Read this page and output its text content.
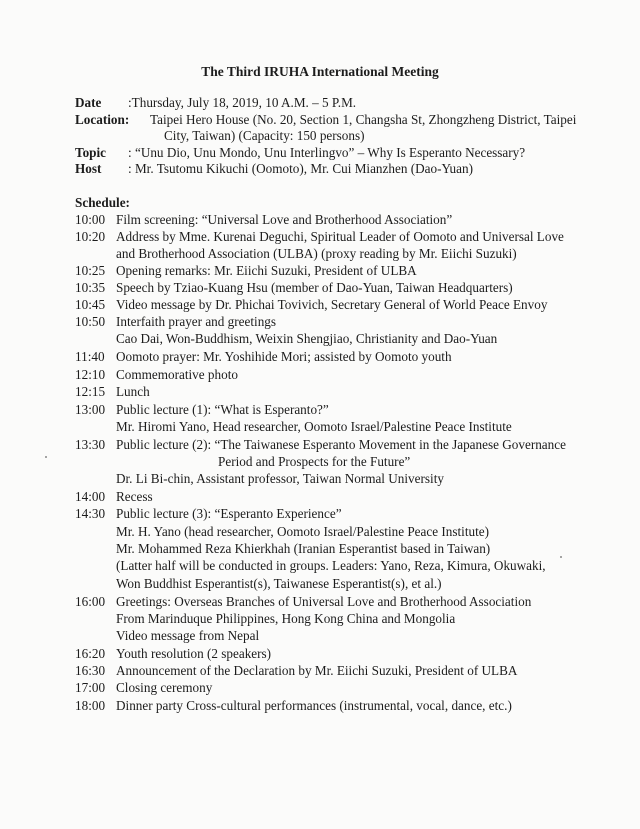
The Third IRUHA International Meeting
Date :Thursday, July 18, 2019, 10 A.M. – 5 P.M.
Location: Taipei Hero House (No. 20, Section 1, Changsha St, Zhongzheng District, Taipei
City, Taiwan) (Capacity: 150 persons)
Topic : “Unu Dio, Unu Mondo, Unu Interlingvo” – Why Is Esperanto Necessary?
Host : Mr. Tsutomu Kikuchi (Oomoto), Mr. Cui Mianzhen (Dao-Yuan)
Schedule:
10:00 Film screening: “Universal Love and Brotherhood Association”
10:20 Address by Mme. Kurenai Deguchi, Spiritual Leader of Oomoto and Universal Love
and Brotherhood Association (ULBA) (proxy reading by Mr. Eiichi Suzuki)
10:25 Opening remarks: Mr. Eiichi Suzuki, President of ULBA
10:35 Speech by Tziao-Kuang Hsu (member of Dao-Yuan, Taiwan Headquarters)
10:45 Video message by Dr. Phichai Tovivich, Secretary General of World Peace Envoy
10:50 Interfaith prayer and greetings
Cao Dai, Won-Buddhism, Weixin Shengjiao, Christianity and Dao-Yuan
11:40 Oomoto prayer: Mr. Yoshihide Mori; assisted by Oomoto youth
12:10 Commemorative photo
12:15 Lunch
13:00 Public lecture (1): “What is Esperanto?”
Mr. Hiromi Yano, Head researcher, Oomoto Israel/Palestine Peace Institute
13:30 Public lecture (2): “The Taiwanese Esperanto Movement in the Japanese Governance
Period and Prospects for the Future”
Dr. Li Bi-chin, Assistant professor, Taiwan Normal University
14:00 Recess
14:30 Public lecture (3): “Esperanto Experience”
Mr. H. Yano (head researcher, Oomoto Israel/Palestine Peace Institute)
Mr. Mohammed Reza Khierkhah (Iranian Esperantist based in Taiwan)
(Latter half will be conducted in groups. Leaders: Yano, Reza, Kimura, Okuwaki,
Won Buddhist Esperantist(s), Taiwanese Esperantist(s), et al.)
16:00 Greetings: Overseas Branches of Universal Love and Brotherhood Association
From Marinduque Philippines, Hong Kong China and Mongolia
Video message from Nepal
16:20 Youth resolution (2 speakers)
16:30 Announcement of the Declaration by Mr. Eiichi Suzuki, President of ULBA
17:00 Closing ceremony
18:00 Dinner party Cross-cultural performances (instrumental, vocal, dance, etc.)
